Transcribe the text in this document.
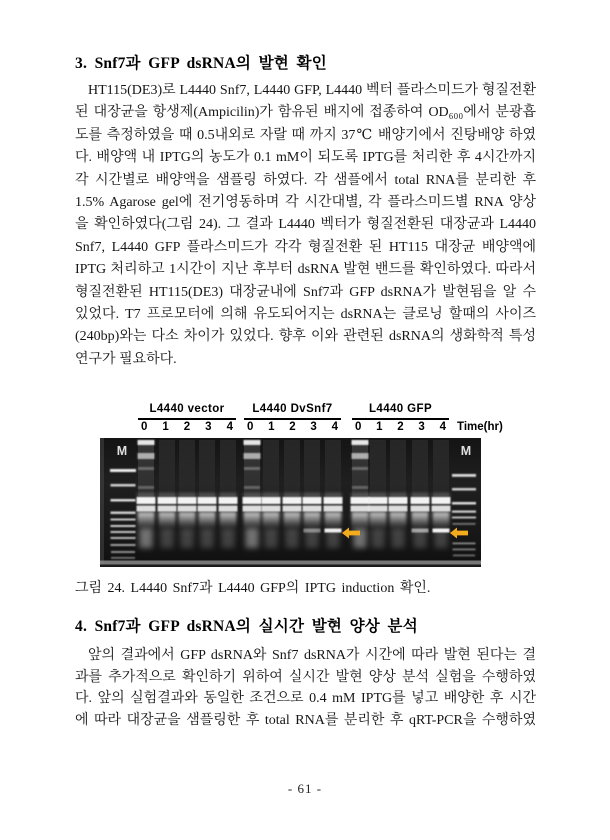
3. Snf7과 GFP dsRNA의 발현 확인
HT115(DE3)로 L4440 Snf7, L4440 GFP, L4440 벡터 플라스미드가 형질전환
된 대장균을 항생제(Ampicilin)가 함유된 배지에 접종하여 OD₆₀₀에서 분광흡
도를 측정하였을 때 0.5내외로 자랄 때 까지 37℃ 배양기에서 진탕배양 하였
다. 배양액 내 IPTG의 농도가 0.1 mM이 되도록 IPTG를 처리한 후 4시간까지
각 시간별로 배양액을 샘플링 하였다. 각 샘플에서 total RNA를 분리한 후
1.5% Agarose gel에 전기영동하며 각 시간대별, 각 플라스미드별 RNA 양상
을 확인하였다(그림 24). 그 결과 L4440 벡터가 형질전환된 대장균과 L4440
Snf7, L4440 GFP 플라스미드가 각각 형질전환 된 HT115 대장균 배양액에
IPTG 처리하고 1시간이 지난 후부터 dsRNA 발현 밴드를 확인하였다. 따라서
형질전환된 HT115(DE3) 대장균내에 Snf7과 GFP dsRNA가 발현됨을 알 수
있었다. T7 프로모터에 의해 유도되어지는 dsRNA는 클로닝 할때의 사이즈
(240bp)와는 다소 차이가 있었다. 향후 이와 관련된 dsRNA의 생화학적 특성
연구가 필요하다.
L4440 vector
0 1 2 3 4
L4440 DvSnf7
0 1 2 3 4
L4440 GFP
0 1 2 3 4 Time(hr)
M	M
그림 24. L4440 Snf7과 L4440 GFP의 IPTG induction 확인.
4. Snf7과 GFP dsRNA의 실시간 발현 양상 분석
앞의 결과에서 GFP dsRNA와 Snf7 dsRNA가 시간에 따라 발현 된다는 결
과를 추가적으로 확인하기 위하여 실시간 발현 양상 분석 실험을 수행하였
다. 앞의 실험결과와 동일한 조건으로 0.4 mM IPTG를 넣고 배양한 후 시간
에 따라 대장균을 샘플링한 후 total RNA를 분리한 후 qRT-PCR을 수행하였
- 61 -
